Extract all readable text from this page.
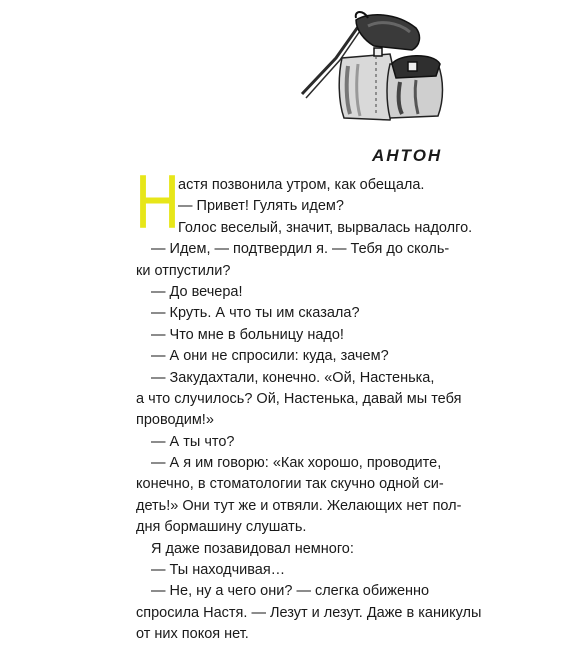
АНТОН
Н
астя позвонила утром, как обещала.
— Привет! Гулять идем?
Голос веселый, значит, вырвалась надолго.
— Идем, — подтвердил я. — Тебя до сколь-
ки отпустили?
— До вечера!
— Круть. А что ты им сказала?
— Что мне в больницу надо!
— А они не спросили: куда, зачем?
— Закудахтали, конечно. «Ой, Настенька,
а что случилось? Ой, Настенька, давай мы тебя
проводим!»
— А ты что?
— А я им говорю: «Как хорошо, проводите,
конечно, в стоматологии так скучно одной си-
деть!» Они тут же и отвяли. Желающих нет пол-
дня бормашину слушать.
Я даже позавидовал немного:
— Ты находчивая…
— Не, ну а чего они? — слегка обиженно
спросила Настя. — Лезут и лезут. Даже в каникулы
от них покоя нет.
